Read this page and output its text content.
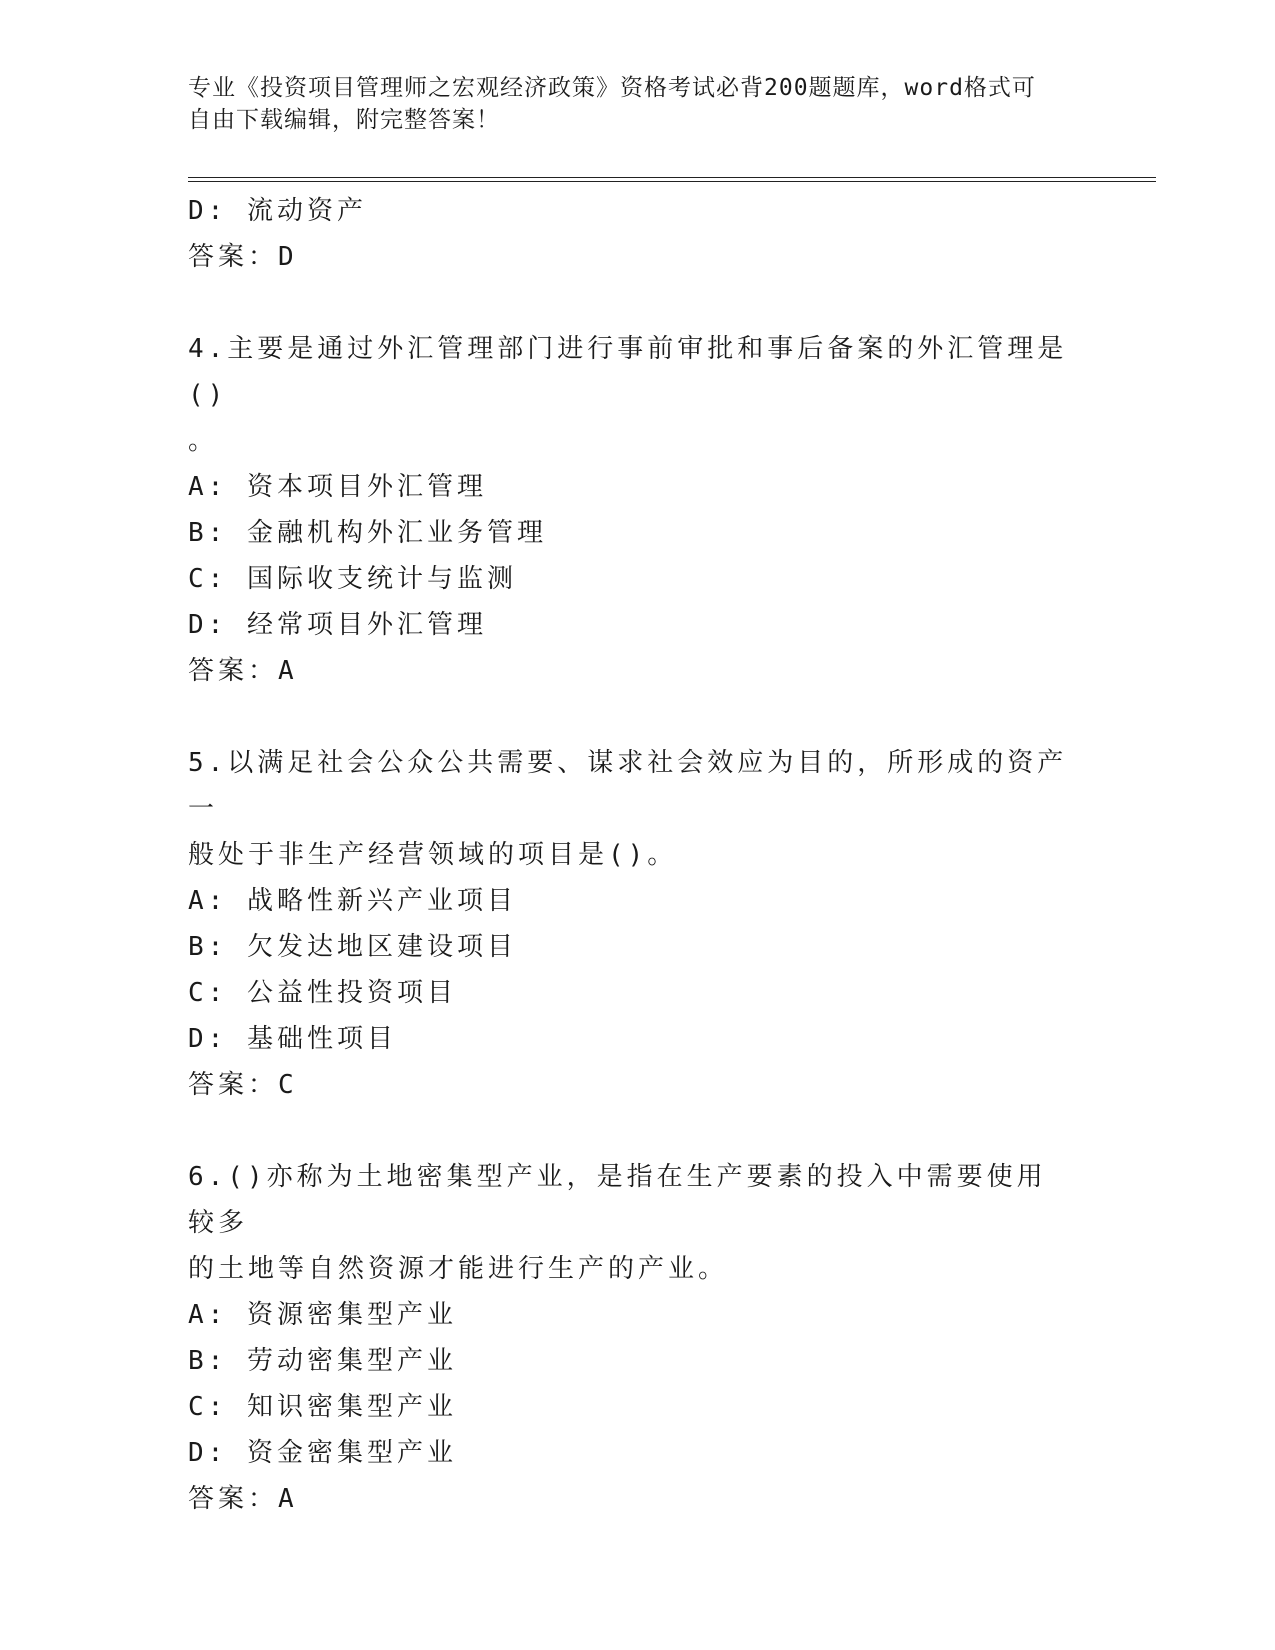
专业《投资项目管理师之宏观经济政策》资格考试必背200题题库，word格式可
自由下载编辑，附完整答案！
D: 流动资产
答案：D
4.主要是通过外汇管理部门进行事前审批和事后备案的外汇管理是()
。
A: 资本项目外汇管理
B: 金融机构外汇业务管理
C: 国际收支统计与监测
D: 经常项目外汇管理
答案：A
5.以满足社会公众公共需要、谋求社会效应为目的，所形成的资产一
般处于非生产经营领域的项目是()。
A: 战略性新兴产业项目
B: 欠发达地区建设项目
C: 公益性投资项目
D: 基础性项目
答案：C
6.()亦称为土地密集型产业，是指在生产要素的投入中需要使用较多
的土地等自然资源才能进行生产的产业。
A: 资源密集型产业
B: 劳动密集型产业
C: 知识密集型产业
D: 资金密集型产业
答案：A
